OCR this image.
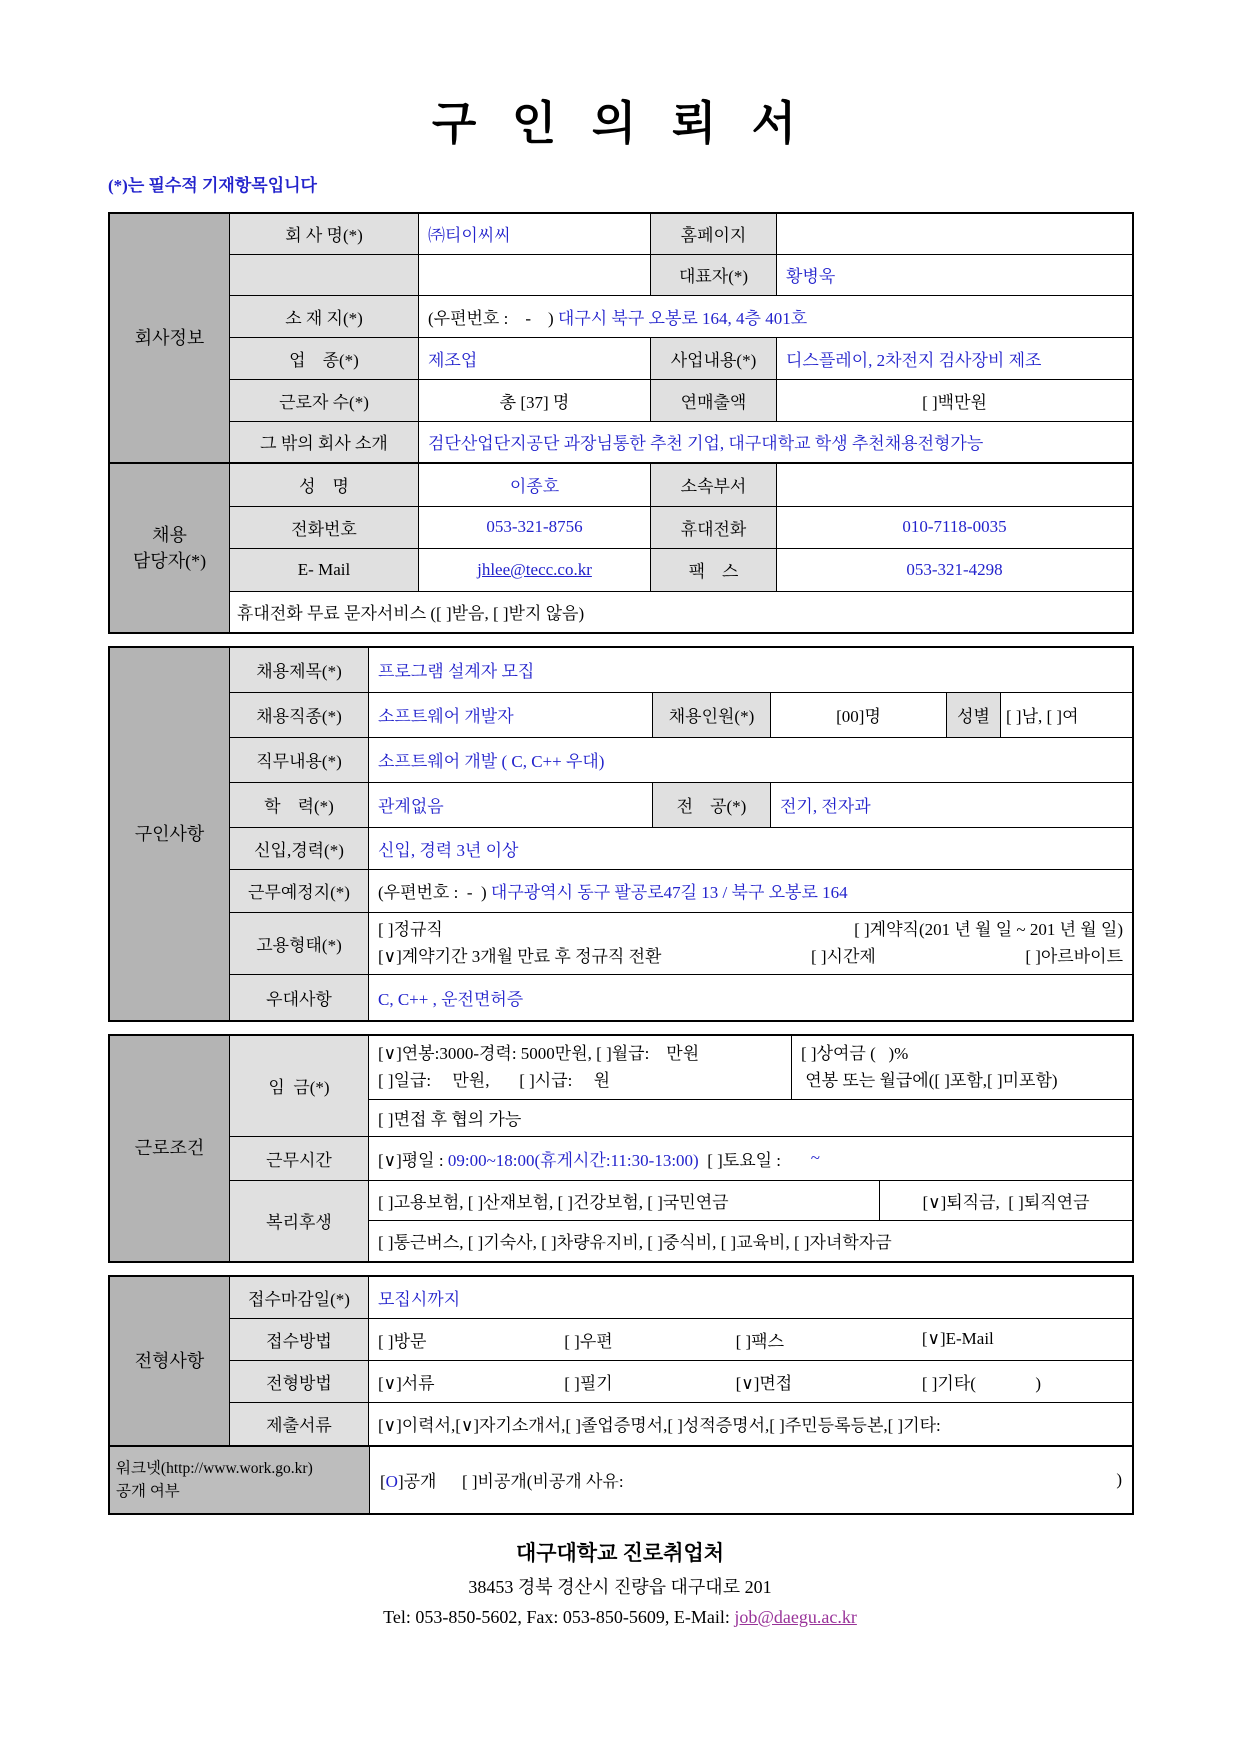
구 인 의 뢰 서
(*)는 필수적 기재항목입니다
회사정보
회 사 명(*)	㈜티이씨씨	홈페이지
대표자(*)	황병욱
소 재 지(*)	(우편번호 :    -    ) 대구시 북구 오봉로 164, 4층 401호
업    종(*)	제조업	사업내용(*)	디스플레이, 2차전지 검사장비 제조
근로자 수(*)	총 [37] 명	연매출액	[ ]백만원
그 밖의 회사 소개	검단산업단지공단 과장님통한 추천 기업, 대구대학교 학생 추천채용전형가능
채용
담당자(*)
성    명	이종호	소속부서
전화번호	053-321-8756	휴대전화	010-7118-0035
E- Mail	jhlee@tecc.co.kr	팩    스	053-321-4298
휴대전화 무료 문자서비스 ([ ]받음, [ ]받지 않음)
구인사항
채용제목(*)	프로그램 설계자 모집
채용직종(*)	소프트웨어 개발자	채용인원(*)	[00]명	성별 [ ]남, [ ]여
직무내용(*)	소프트웨어 개발 ( C, C++ 우대)
학    력(*)	관계없음	전    공(*)	전기, 전자과
신입,경력(*)	신입, 경력 3년 이상
근무예정지(*)	(우편번호 :  -  ) 대구광역시 동구 팔공로47길 13 / 북구 오봉로 164
고용형태(*)
[ ]정규직	[ ]계약직(201 년 월 일 ~ 201 년 월 일)
[∨]계약기간 3개월 만료 후 정규직 전환	[ ]시간제	[ ]아르바이트
우대사항	C, C++ , 운전면허증
근로조건
임  금(*)
[∨]연봉:3000-경력: 5000만원, [ ]월급:    만원
[ ]일급:     만원,       [ ]시급:     원
[ ]상여금 (   )%
연봉 또는 월급에([ ]포함,[ ]미포함)
[ ]면접 후 협의 가능
근무시간	[∨]평일 : 09:00~18:00(휴게시간:11:30-13:00) [ ]토요일 : ~
복리후생
[ ]고용보험, [ ]산재보험, [ ]건강보험, [ ]국민연금	[∨]퇴직금,  [ ]퇴직연금
[ ]통근버스, [ ]기숙사, [ ]차량유지비, [ ]중식비, [ ]교육비, [ ]자녀학자금
전형사항
접수마감일(*)	모집시까지
접수방법	[ ]방문	[ ]우편	[ ]팩스	[∨]E-Mail
전형방법	[∨]서류	[ ]필기	[∨]면접	[ ]기타(              )
제출서류	[∨]이력서,[∨]자기소개서,[ ]졸업증명서,[ ]성적증명서,[ ]주민등록등본,[ ]기타:
워크넷(http://www.work.go.kr)
공개 여부	[O]공개      [ ]비공개(비공개 사유:	)
대구대학교 진로취업처
38453 경북 경산시 진량읍 대구대로 201
Tel: 053-850-5602, Fax: 053-850-5609, E-Mail: job@daegu.ac.kr
